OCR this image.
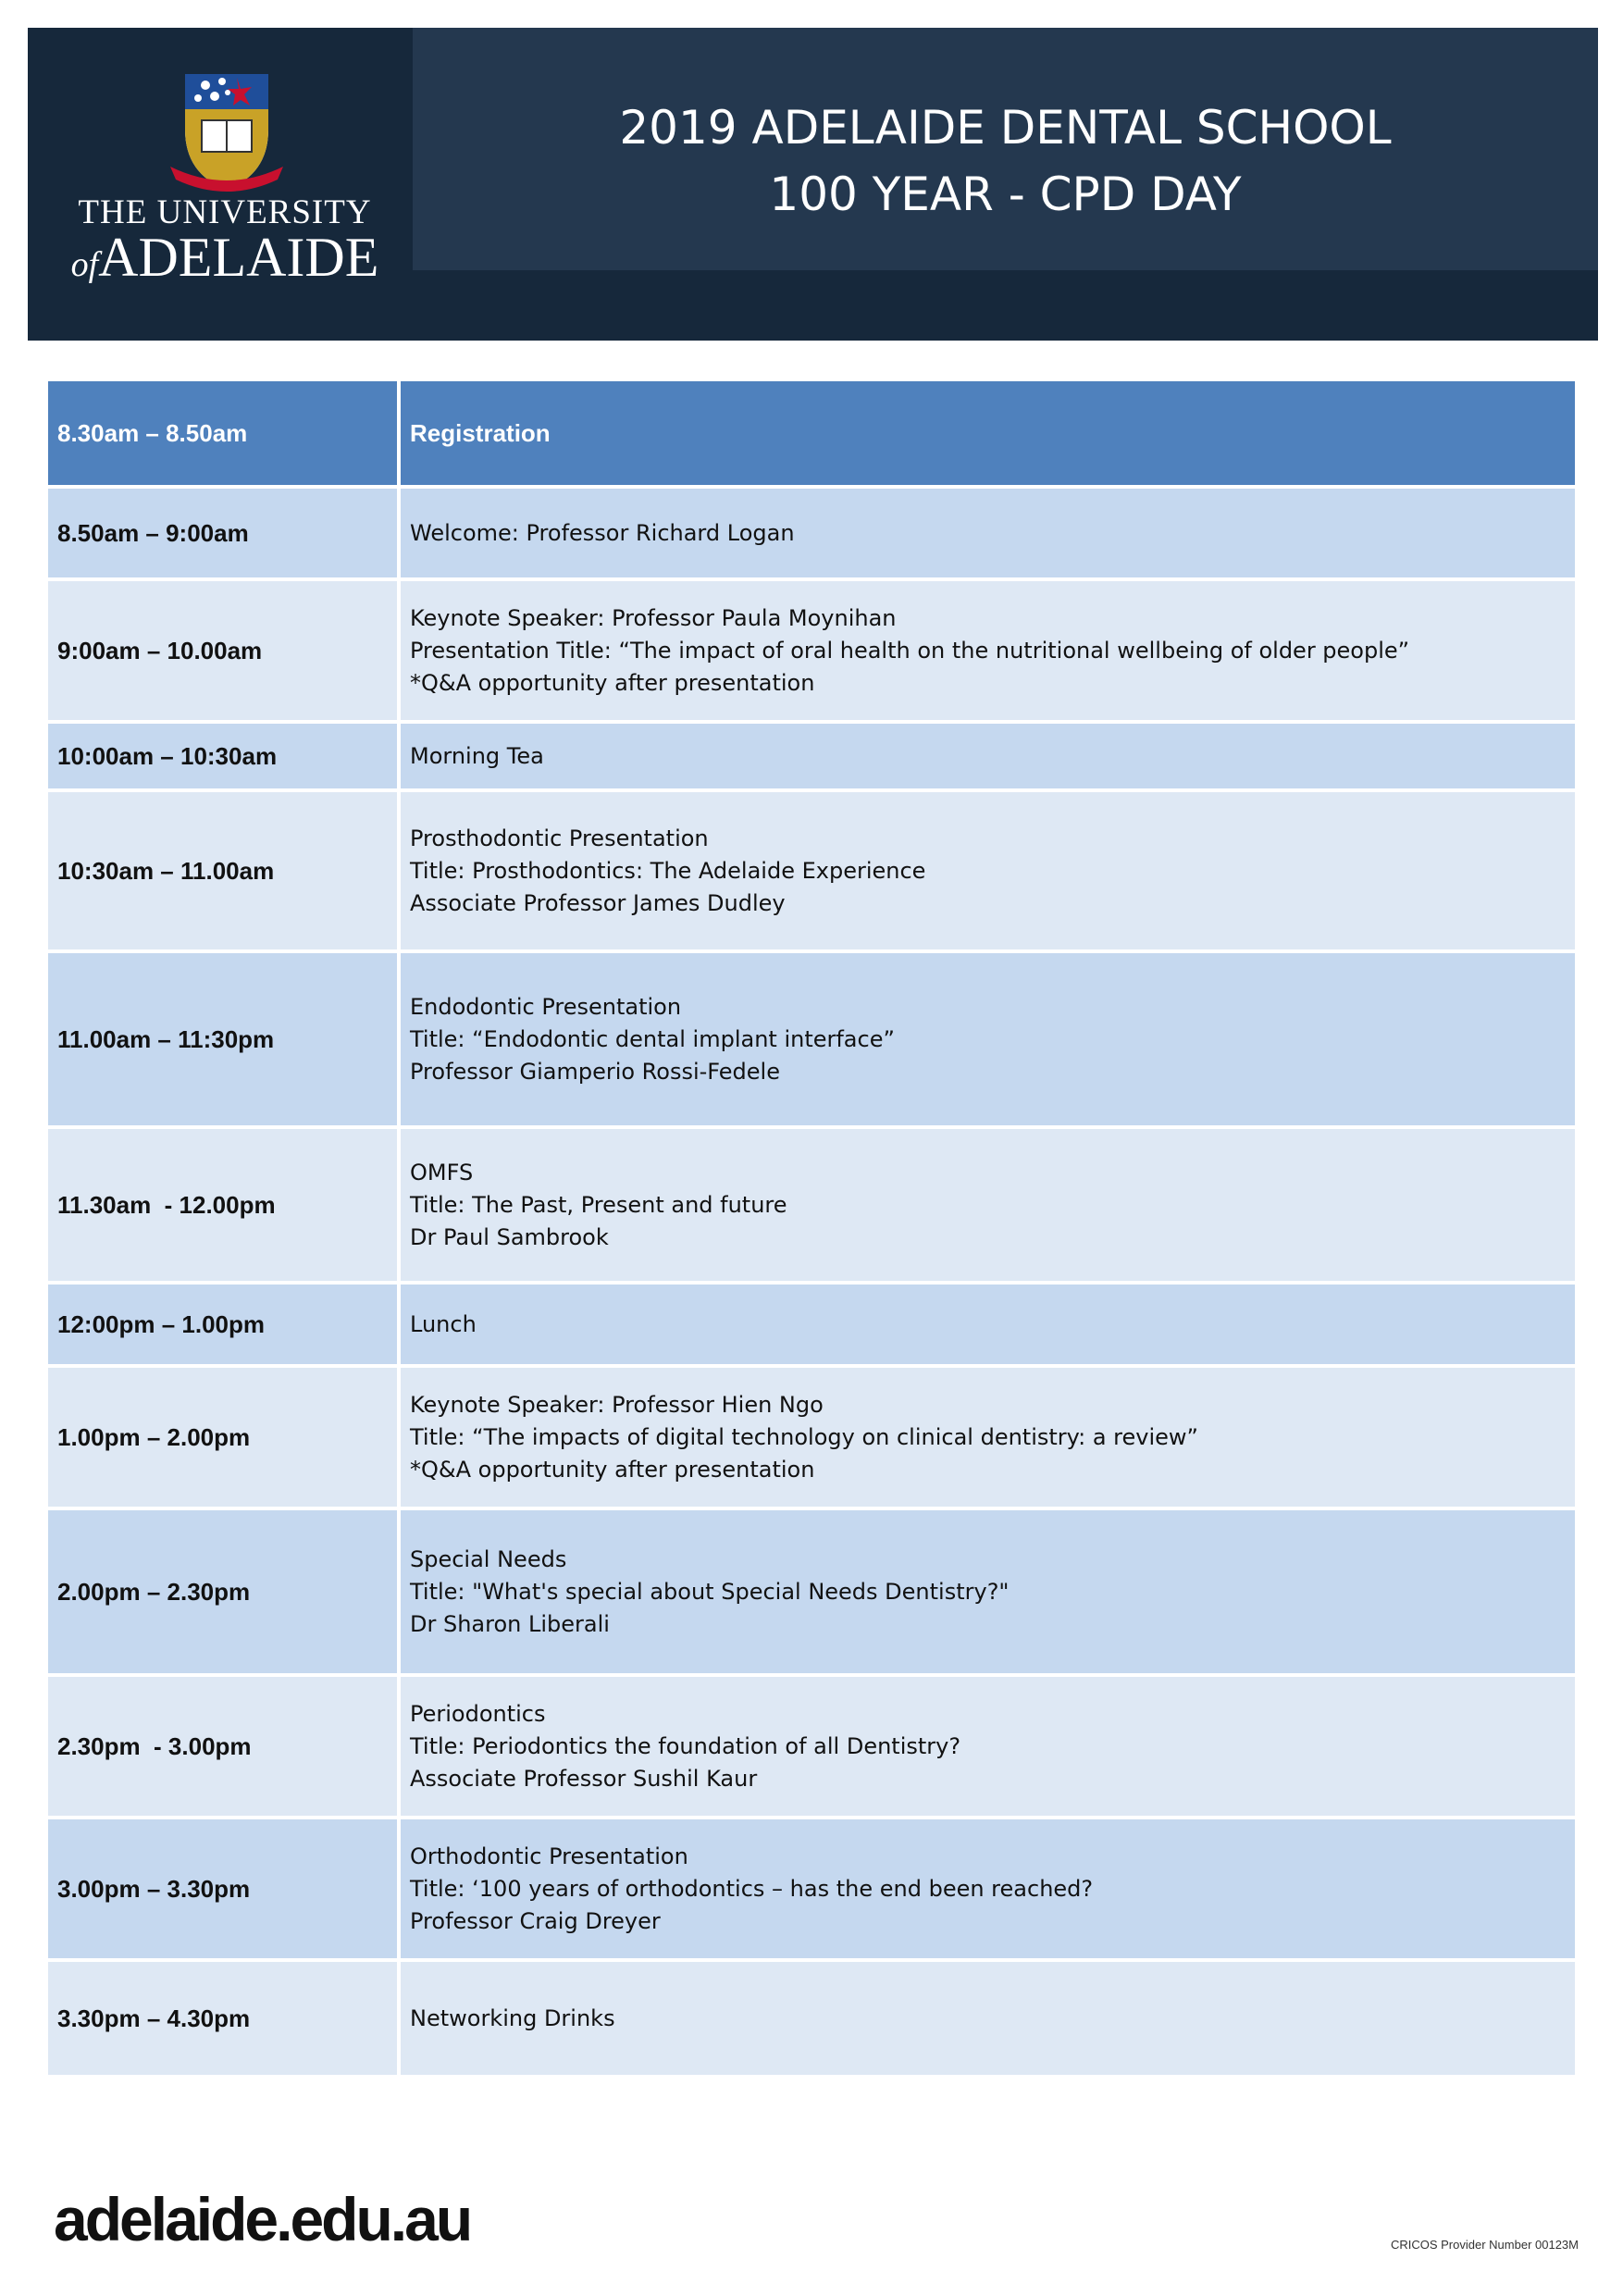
2019 ADELAIDE DENTAL SCHOOL
100 YEAR - CPD DAY
THE UNIVERSITY
ofADELAIDE
8.30am – 8.50am	Registration

8.50am – 9:00am	Welcome: Professor Richard Logan

9:00am – 10.00am	Keynote Speaker: Professor Paula Moynihan
Presentation Title: “The impact of oral health on the nutritional wellbeing of older people”
*Q&A opportunity after presentation

10:00am – 10:30am	Morning Tea

10:30am – 11.00am	Prosthodontic Presentation
Title: Prosthodontics: The Adelaide Experience
Associate Professor James Dudley

11.00am – 11:30pm	Endodontic Presentation
Title: “Endodontic dental implant interface”
Professor Giamperio Rossi-Fedele

11.30am  - 12.00pm	OMFS
Title: The Past, Present and future
Dr Paul Sambrook

12:00pm – 1.00pm	Lunch

1.00pm – 2.00pm	Keynote Speaker: Professor Hien Ngo
Title: “The impacts of digital technology on clinical dentistry: a review”
*Q&A opportunity after presentation

2.00pm – 2.30pm	Special Needs
Title: "What's special about Special Needs Dentistry?"
Dr Sharon Liberali

2.30pm  - 3.00pm	Periodontics
Title: Periodontics the foundation of all Dentistry?
Associate Professor Sushil Kaur

3.00pm – 3.30pm	Orthodontic Presentation
Title: ‘100 years of orthodontics – has the end been reached?
Professor Craig Dreyer

3.30pm – 4.30pm	Networking Drinks
adelaide.edu.au	CRICOS Provider Number 00123M
